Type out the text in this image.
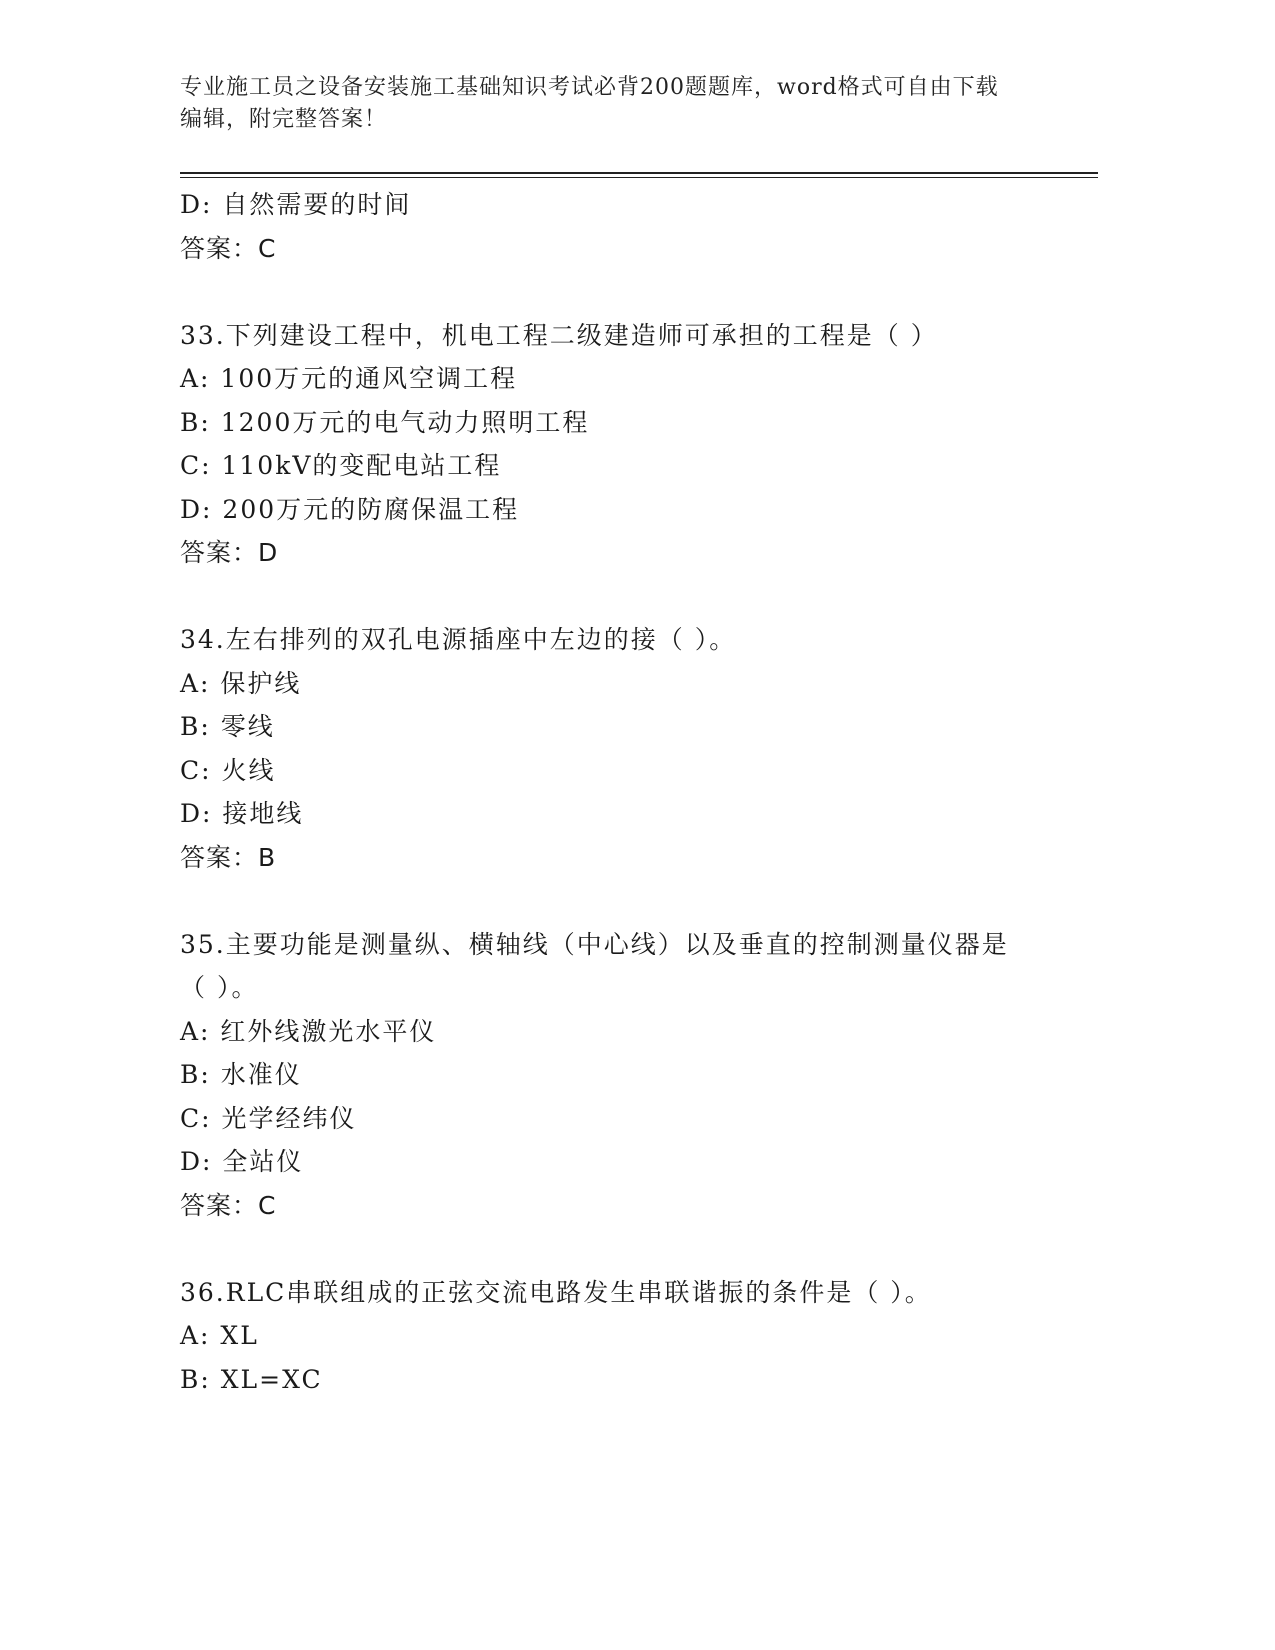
专业施工员之设备安装施工基础知识考试必背200题题库，word格式可自由下载
编辑，附完整答案！
D: 自然需要的时间
答案：C
33.下列建设工程中，机电工程二级建造师可承担的工程是（ ）
A: 100万元的通风空调工程
B: 1200万元的电气动力照明工程
C: 110kV的变配电站工程
D: 200万元的防腐保温工程
答案：D
34.左右排列的双孔电源插座中左边的接（ ）。
A: 保护线
B: 零线
C: 火线
D: 接地线
答案：B
35.主要功能是测量纵、横轴线（中心线）以及垂直的控制测量仪器是
（ ）。
A: 红外线激光水平仪
B: 水准仪
C: 光学经纬仪
D: 全站仪
答案：C
36.RLC串联组成的正弦交流电路发生串联谐振的条件是（ ）。
A: XL
B: XL=XC
